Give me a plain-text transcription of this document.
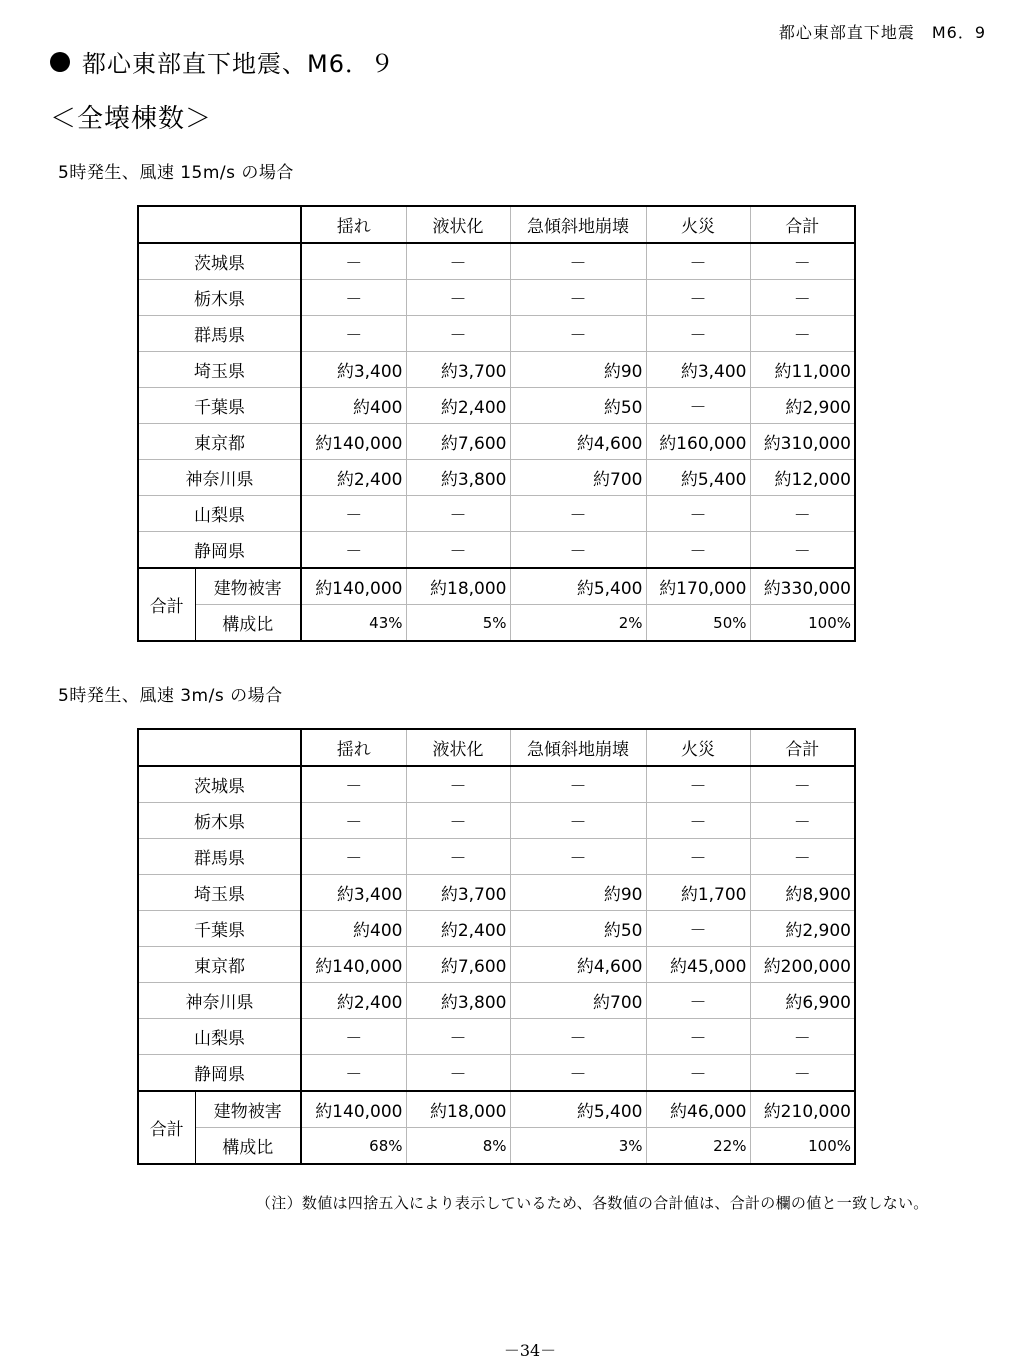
都心東部直下地震　M6．9
都心東部直下地震、M6．９
＜全壊棟数＞
5時発生、風速 15m/s の場合
		揺れ	液状化	急傾斜地崩壊	火災	合計
茨城県		－	－	－	－	－
栃木県		－	－	－	－	－
群馬県		－	－	－	－	－
埼玉県		約3,400	約3,700	約90	約3,400	約11,000
千葉県		約400	約2,400	約50	－	約2,900
東京都		約140,000	約7,600	約4,600	約160,000	約310,000
神奈川県		約2,400	約3,800	約700	約5,400	約12,000
山梨県		－	－	－	－	－
静岡県		－	－	－	－	－
合計	建物被害	約140,000	約18,000	約5,400	約170,000	約330,000
	構成比	43%	5%	2%	50%	100%
5時発生、風速 3m/s の場合
		揺れ	液状化	急傾斜地崩壊	火災	合計
茨城県		－	－	－	－	－
栃木県		－	－	－	－	－
群馬県		－	－	－	－	－
埼玉県		約3,400	約3,700	約90	約1,700	約8,900
千葉県		約400	約2,400	約50	－	約2,900
東京都		約140,000	約7,600	約4,600	約45,000	約200,000
神奈川県		約2,400	約3,800	約700	－	約6,900
山梨県		－	－	－	－	－
静岡県		－	－	－	－	－
合計	建物被害	約140,000	約18,000	約5,400	約46,000	約210,000
	構成比	68%	8%	3%	22%	100%
（注）数値は四捨五入により表示しているため、各数値の合計値は、合計の欄の値と一致しない。
－34－
